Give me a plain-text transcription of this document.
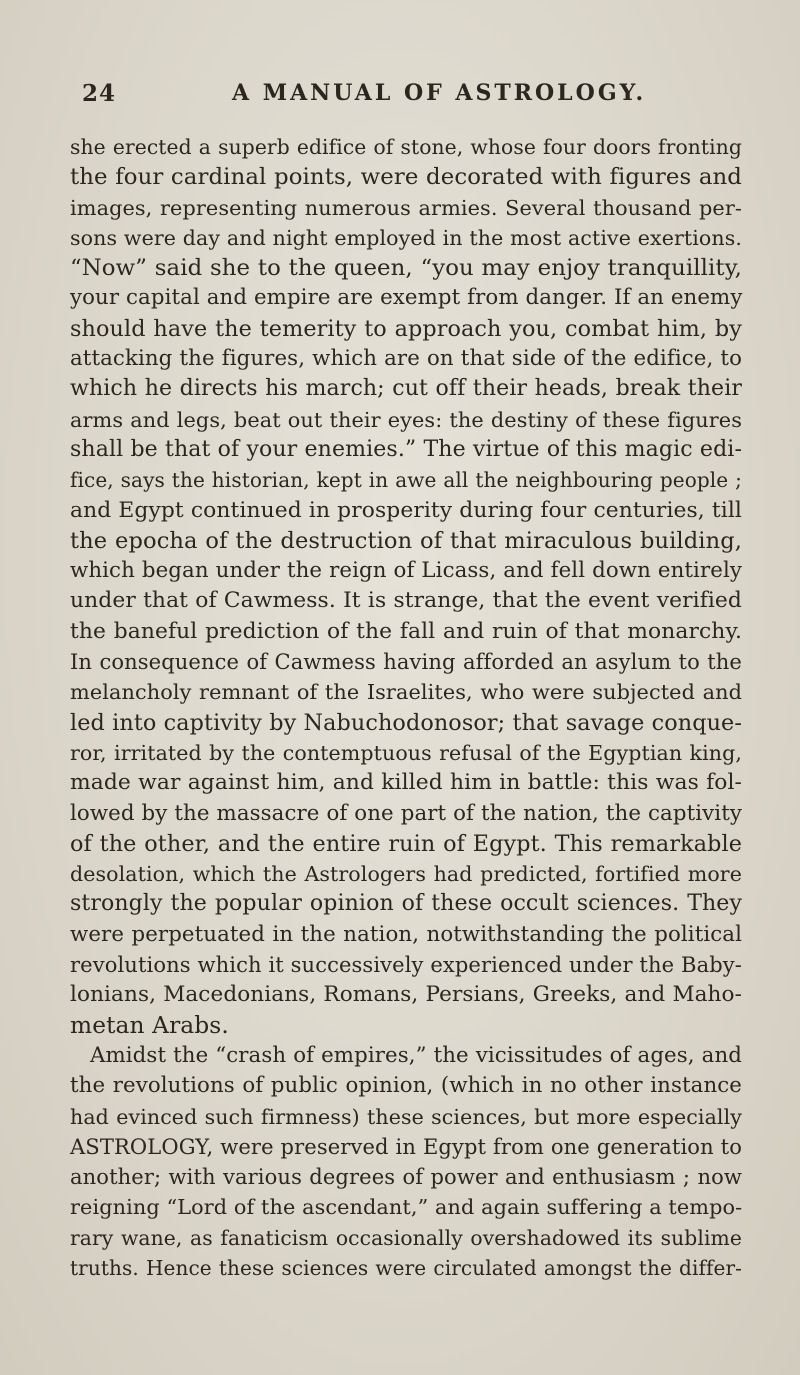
24	A MANUAL OF ASTROLOGY.
she erected a superb edifice of stone, whose four doors fronting
the four cardinal points, were decorated with figures and
images, representing numerous armies. Several thousand per-
sons were day and night employed in the most active exertions.
“Now” said she to the queen, “you may enjoy tranquillity,
your capital and empire are exempt from danger. If an enemy
should have the temerity to approach you, combat him, by
attacking the figures, which are on that side of the edifice, to
which he directs his march; cut off their heads, break their
arms and legs, beat out their eyes: the destiny of these figures
shall be that of your enemies.” The virtue of this magic edi-
fice, says the historian, kept in awe all the neighbouring people ;
and Egypt continued in prosperity during four centuries, till
the epocha of the destruction of that miraculous building,
which began under the reign of Licass, and fell down entirely
under that of Cawmess. It is strange, that the event verified
the baneful prediction of the fall and ruin of that monarchy.
In consequence of Cawmess having afforded an asylum to the
melancholy remnant of the Israelites, who were subjected and
led into captivity by Nabuchodonosor; that savage conque-
ror, irritated by the contemptuous refusal of the Egyptian king,
made war against him, and killed him in battle: this was fol-
lowed by the massacre of one part of the nation, the captivity
of the other, and the entire ruin of Egypt. This remarkable
desolation, which the Astrologers had predicted, fortified more
strongly the popular opinion of these occult sciences. They
were perpetuated in the nation, notwithstanding the political
revolutions which it successively experienced under the Baby-
lonians, Macedonians, Romans, Persians, Greeks, and Maho-
metan Arabs.
Amidst the “crash of empires,” the vicissitudes of ages, and
the revolutions of public opinion, (which in no other instance
had evinced such firmness) these sciences, but more especially
ASTROLOGY, were preserved in Egypt from one generation to
another; with various degrees of power and enthusiasm ; now
reigning “Lord of the ascendant,” and again suffering a tempo-
rary wane, as fanaticism occasionally overshadowed its sublime
truths. Hence these sciences were circulated amongst the differ-
